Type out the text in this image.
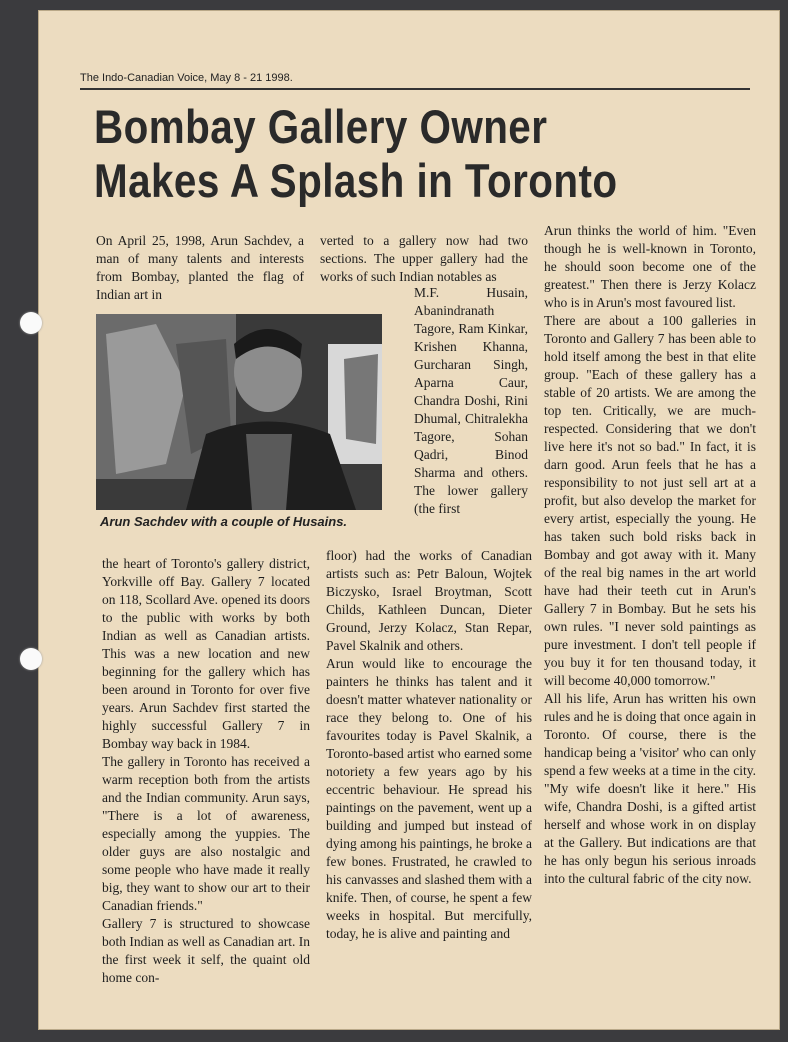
The Indo-Canadian Voice, May 8 - 21 1998.
Bombay Gallery Owner Makes A Splash in Toronto

On April 25, 1998, Arun Sachdev, a man of many talents and interests from Bombay, planted the flag of Indian art in

Arun Sachdev with a couple of Husains.

verted to a gallery now had two sections. The upper gallery had the works of such Indian notables as

M.F. Husain, Abanindranath Tagore, Ram Kinkar, Krishen Khanna, Gurcharan Singh, Aparna Caur, Chandra Doshi, Rini Dhumal, Chitralekha Tagore, Sohan Qadri, Binod Sharma and others. The lower gallery (the first

the heart of Toronto's gallery district, Yorkville off Bay. Gallery 7 located on 118, Scollard Ave. opened its doors to the public with works by both Indian as well as Canadian artists. This was a new location and new beginning for the gallery which has been around in Toronto for over five years. Arun Sachdev first started the highly successful Gallery 7 in Bombay way back in 1984.

The gallery in Toronto has received a warm reception both from the artists and the Indian community. Arun says, "There is a lot of awareness, especially among the yuppies. The older guys are also nostalgic and some people who have made it really big, they want to show our art to their Canadian friends."

Gallery 7 is structured to showcase both Indian as well as Canadian art. In the first week it self, the quaint old home con-

floor) had the works of Canadian artists such as: Petr Baloun, Wojtek Biczysko, Israel Broytman, Scott Childs, Kathleen Duncan, Dieter Ground, Jerzy Kolacz, Stan Repar, Pavel Skalnik and others.

Arun would like to encourage the painters he thinks has talent and it doesn't matter whatever nationality or race they belong to. One of his favourites today is Pavel Skalnik, a Toronto-based artist who earned some notoriety a few years ago by his eccentric behaviour. He spread his paintings on the pavement, went up a building and jumped but instead of dying among his paintings, he broke a few bones. Frustrated, he crawled to his canvasses and slashed them with a knife. Then, of course, he spent a few weeks in hospital. But mercifully, today, he is alive and painting and

Arun thinks the world of him. "Even though he is well-known in Toronto, he should soon become one of the greatest." Then there is Jerzy Kolacz who is in Arun's most favoured list.

There are about a 100 galleries in Toronto and Gallery 7 has been able to hold itself among the best in that elite group. "Each of these gallery has a stable of 20 artists. We are among the top ten. Critically, we are much-respected. Considering that we don't live here it's not so bad." In fact, it is darn good. Arun feels that he has a responsibility to not just sell art at a profit, but also develop the market for every artist, especially the young. He has taken such bold risks back in Bombay and got away with it. Many of the real big names in the art world have had their teeth cut in Arun's Gallery 7 in Bombay. But he sets his own rules. "I never sold paintings as pure investment. I don't tell people if you buy it for ten thousand today, it will become 40,000 tomorrow."

All his life, Arun has written his own rules and he is doing that once again in Toronto. Of course, there is the handicap being a 'visitor' who can only spend a few weeks at a time in the city. "My wife doesn't like it here." His wife, Chandra Doshi, is a gifted artist herself and whose work in on display at the Gallery. But indications are that he has only begun his serious inroads into the cultural fabric of the city now.
